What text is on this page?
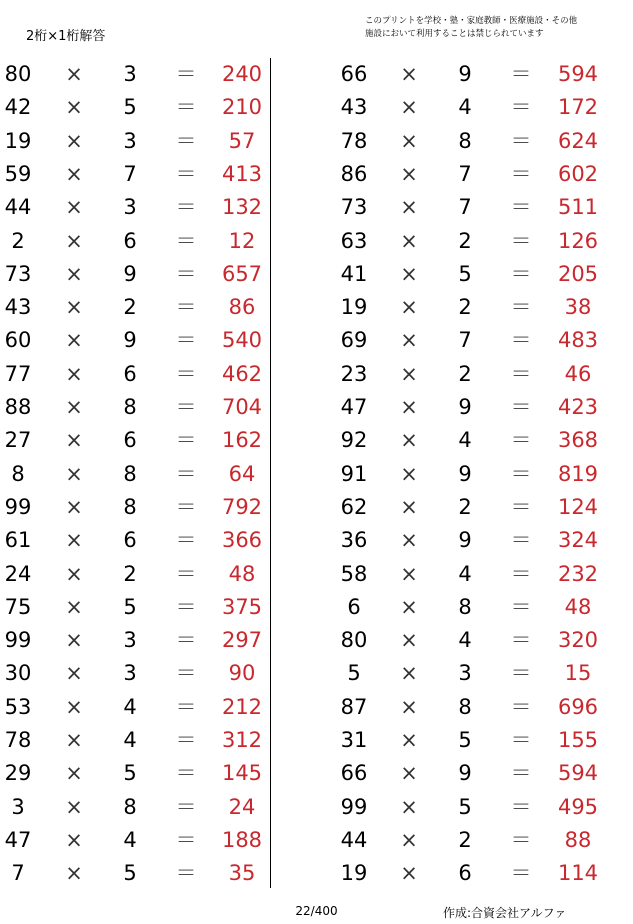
2桁×1桁解答
このプリントを学校・塾・家庭教師・医療施設・その他
施設において利用することは禁じられています
80	×	3	＝	240
42	×	5	＝	210
19	×	3	＝	57
59	×	7	＝	413
44	×	3	＝	132
2	×	6	＝	12
73	×	9	＝	657
43	×	2	＝	86
60	×	9	＝	540
77	×	6	＝	462
88	×	8	＝	704
27	×	6	＝	162
8	×	8	＝	64
99	×	8	＝	792
61	×	6	＝	366
24	×	2	＝	48
75	×	5	＝	375
99	×	3	＝	297
30	×	3	＝	90
53	×	4	＝	212
78	×	4	＝	312
29	×	5	＝	145
3	×	8	＝	24
47	×	4	＝	188
7	×	5	＝	35
66	×	9	＝	594
43	×	4	＝	172
78	×	8	＝	624
86	×	7	＝	602
73	×	7	＝	511
63	×	2	＝	126
41	×	5	＝	205
19	×	2	＝	38
69	×	7	＝	483
23	×	2	＝	46
47	×	9	＝	423
92	×	4	＝	368
91	×	9	＝	819
62	×	2	＝	124
36	×	9	＝	324
58	×	4	＝	232
6	×	8	＝	48
80	×	4	＝	320
5	×	3	＝	15
87	×	8	＝	696
31	×	5	＝	155
66	×	9	＝	594
99	×	5	＝	495
44	×	2	＝	88
19	×	6	＝	114
22/400	作成:合資会社アルファ
